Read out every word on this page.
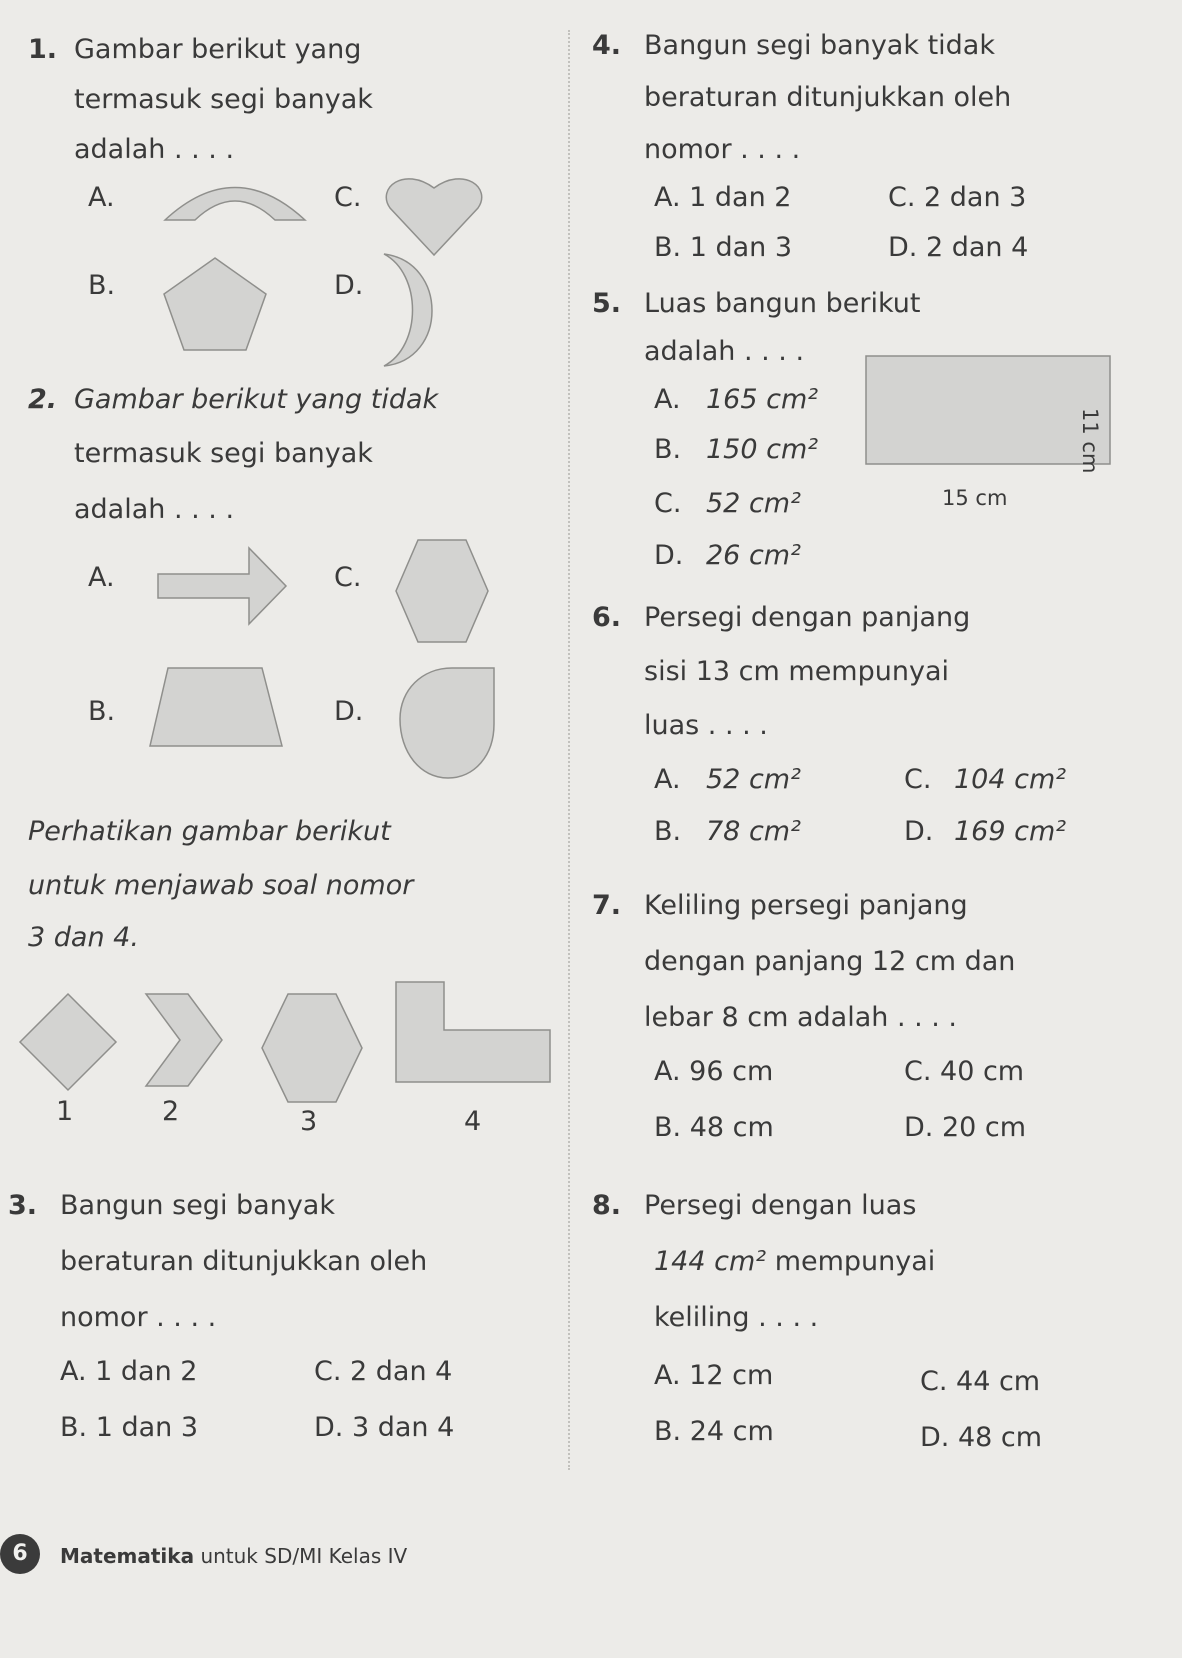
1. Gambar berikut yang
termasuk segi banyak
adalah . . . .
A.	C.
B.	D.
2. Gambar berikut yang tidak
termasuk segi banyak
adalah . . . .
A.	C.
B.	D.
Perhatikan gambar berikut
untuk menjawab soal nomor
3 dan 4.
1	2	3	4
3. Bangun segi banyak
beraturan ditunjukkan oleh
nomor . . . .
A. 1 dan 2	C. 2 dan 4
B. 1 dan 3	D. 3 dan 4
4. Bangun segi banyak tidak
beraturan ditunjukkan oleh
nomor . . . .
A. 1 dan 2	C. 2 dan 3
B. 1 dan 3	D. 2 dan 4
5. Luas bangun berikut
adalah . . . .
A. 165 cm²
B. 150 cm²
C. 52 cm²
D. 26 cm²
15 cm
11 cm
6. Persegi dengan panjang
sisi 13 cm mempunyai
luas . . . .
A. 52 cm²	C. 104 cm²
B. 78 cm²	D. 169 cm²
7. Keliling persegi panjang
dengan panjang 12 cm dan
lebar 8 cm adalah . . . .
A. 96 cm	C. 40 cm
B. 48 cm	D. 20 cm
8. Persegi dengan luas
144 cm² mempunyai
keliling . . . .
A. 12 cm	C. 44 cm
B. 24 cm	D. 48 cm
6	Matematika untuk SD/MI Kelas IV
